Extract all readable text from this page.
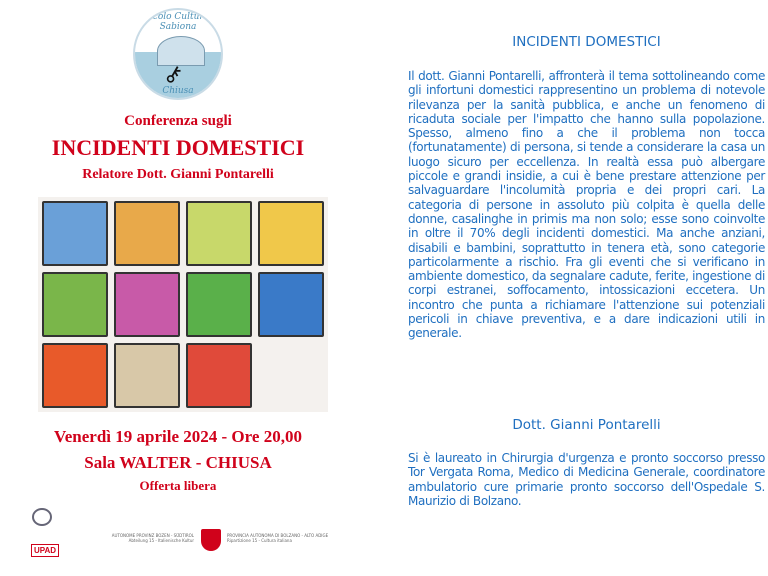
⚷
Circolo Culturale Sabiona
Chiusa
Conferenza sugli
INCIDENTI DOMESTICI
Relatore Dott. Gianni Pontarelli
Venerdì 19 aprile 2024 - Ore 20,00
Sala WALTER - CHIUSA
Offerta libera
UPAD
AUTONOME PROVINZ BOZEN - SÜDTIROL
Abteilung 15 - Italienische Kultur
PROVINCIA AUTONOMA DI BOLZANO - ALTO ADIGE
Ripartizione 15 - Cultura italiana
INCIDENTI DOMESTICI
Il dott. Gianni Pontarelli, affronterà il tema sottolineando come gli infortuni domestici rappresentino un problema di notevole rilevanza per la sanità pubblica, e anche un fenomeno di ricaduta sociale per l'impatto che hanno sulla popolazione. Spesso, almeno fino a che il problema non tocca (fortunatamente) di persona, si tende a considerare la casa un luogo sicuro per eccellenza. In realtà essa può albergare piccole e grandi insidie, a cui è bene prestare attenzione per salvaguardare l'incolumità propria e dei propri cari. La categoria di persone in assoluto più colpita è quella delle donne, casalinghe in primis ma non solo; esse sono coinvolte in oltre il 70% degli incidenti domestici. Ma anche anziani, disabili e bambini, soprattutto in tenera età, sono categorie particolarmente a rischio. Fra gli eventi che si verificano in ambiente domestico, da segnalare cadute, ferite, ingestione di corpi estranei, soffocamento, intossicazioni eccetera. Un incontro che punta a richiamare l'attenzione sui potenziali pericoli in chiave preventiva, e a dare indicazioni utili in generale.
Dott. Gianni Pontarelli
Si è laureato in Chirurgia d'urgenza e pronto soccorso presso Tor Vergata Roma, Medico di Medicina Generale, coordinatore ambulatorio cure primarie pronto soccorso dell'Ospedale S. Maurizio di Bolzano.
